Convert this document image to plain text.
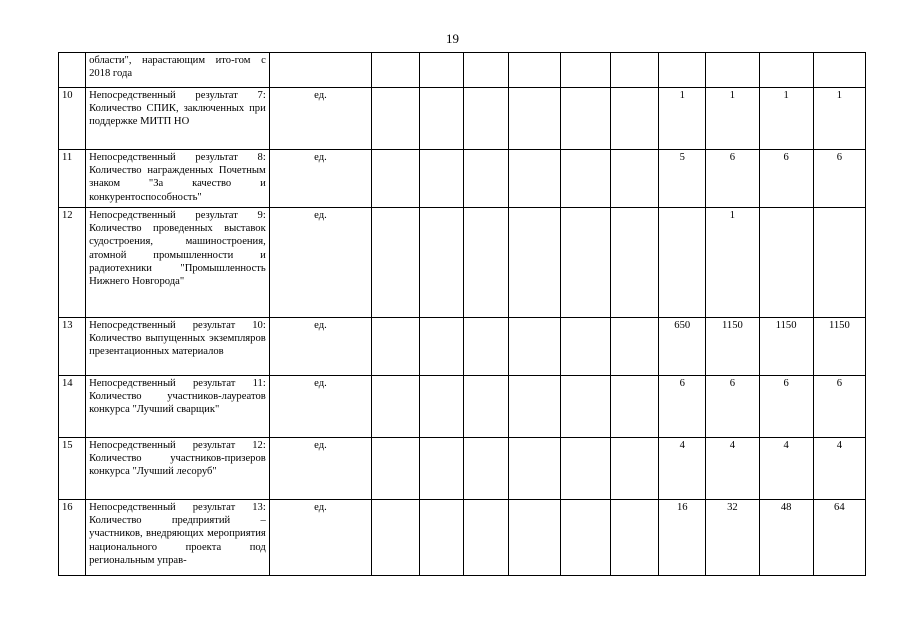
19
	области", нарастающим ито-гом с 2018 года											
10	Непосредственный результат 7: Количество СПИК, заключенных при поддержке МИТП НО	ед.							1	1	1	1
11	Непосредственный результат 8: Количество награжденных Почетным знаком "За качество и конкурентоспособность"	ед.							5	6	6	6
12	Непосредственный результат 9: Количество проведенных выставок судостроения, машиностроения, атомной промышленности и радиотехники "Промышленность Нижнего Новгорода"	ед.								1		
13	Непосредственный результат 10: Количество выпущенных экземпляров презентационных материалов	ед.							650	1150	1150	1150
14	Непосредственный результат 11: Количество участников-лауреатов конкурса "Лучший сварщик"	ед.							6	6	6	6
15	Непосредственный результат 12: Количество участников-призеров конкурса "Лучший лесоруб"	ед.							4	4	4	4
16	Непосредственный результат 13: Количество предприятий – участников, внедряющих мероприятия национального проекта под региональным управ-	ед.							16	32	48	64
